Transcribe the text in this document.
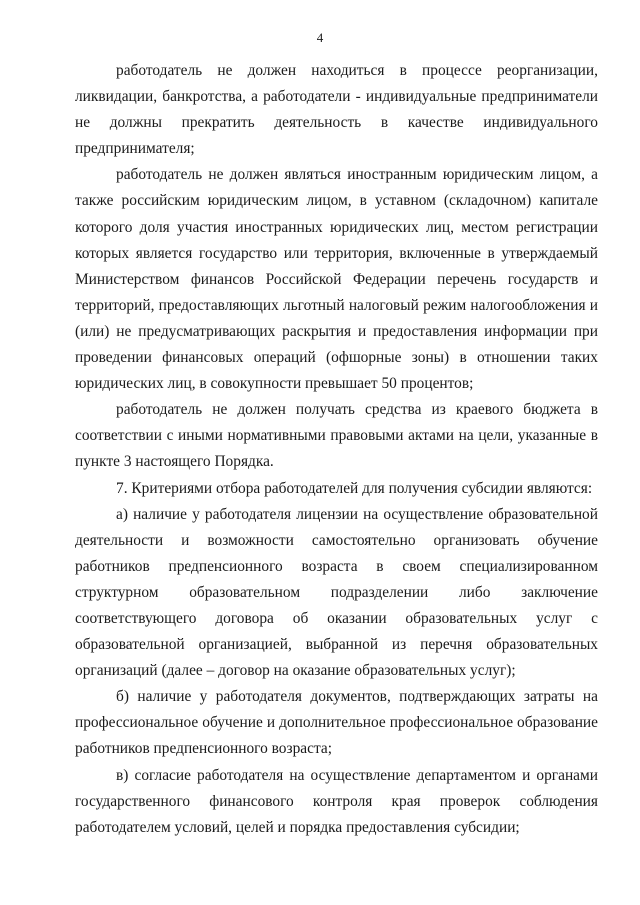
4

работодатель не должен находиться в процессе реорганизации, ликвидации, банкротства, а работодатели - индивидуальные предприниматели не должны прекратить деятельность в качестве индивидуального предпринимателя;

работодатель не должен являться иностранным юридическим лицом, а также российским юридическим лицом, в уставном (складочном) капитале которого доля участия иностранных юридических лиц, местом регистрации которых является государство или территория, включенные в утверждаемый Министерством финансов Российской Федерации перечень государств и территорий, предоставляющих льготный налоговый режим налогообложения и (или) не предусматривающих раскрытия и предоставления информации при проведении финансовых операций (офшорные зоны) в отношении таких юридических лиц, в совокупности превышает 50 процентов;

работодатель не должен получать средства из краевого бюджета в соответствии с иными нормативными правовыми актами на цели, указанные в пункте 3 настоящего Порядка.

7. Критериями отбора работодателей для получения субсидии являются:

а) наличие у работодателя лицензии на осуществление образовательной деятельности и возможности самостоятельно организовать обучение работников предпенсионного возраста в своем специализированном структурном образовательном подразделении либо заключение соответствующего договора об оказании образовательных услуг с образовательной организацией, выбранной из перечня образовательных организаций (далее – договор на оказание образовательных услуг);

б) наличие у работодателя документов, подтверждающих затраты на профессиональное обучение и дополнительное профессиональное образование работников предпенсионного возраста;

в) согласие работодателя на осуществление департаментом и органами государственного финансового контроля края проверок соблюдения работодателем условий, целей и порядка предоставления субсидии;
